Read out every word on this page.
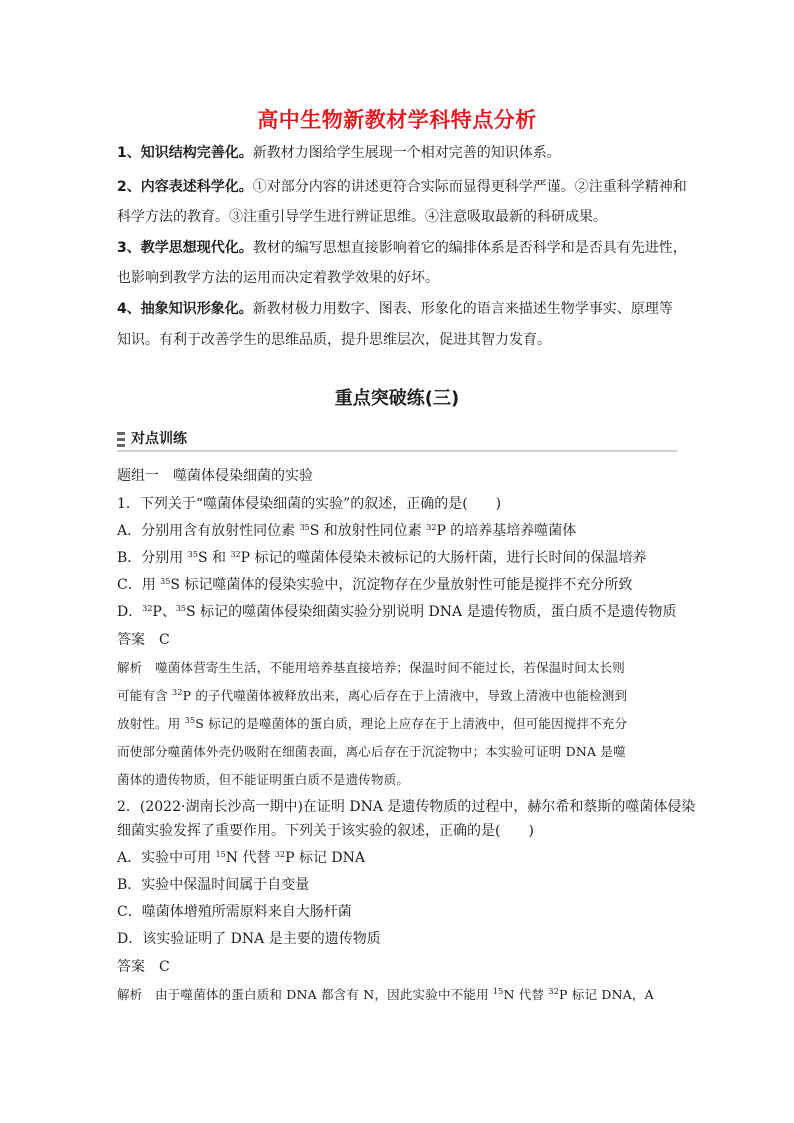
高中生物新教材学科特点分析
1、知识结构完善化。新教材力图给学生展现一个相对完善的知识体系。
2、内容表述科学化。①对部分内容的讲述更符合实际而显得更科学严谨。②注重科学精神和
科学方法的教育。③注重引导学生进行辨证思维。④注意吸取最新的科研成果。
3、教学思想现代化。教材的编写思想直接影响着它的编排体系是否科学和是否具有先进性，
也影响到教学方法的运用而决定着教学效果的好坏。
4、抽象知识形象化。新教材极力用数字、图表、形象化的语言来描述生物学事实、原理等
知识。有利于改善学生的思维品质，提升思维层次，促进其智力发育。
重点突破练(三)
对点训练
题组一　噬菌体侵染细菌的实验
1．下列关于“噬菌体侵染细菌的实验”的叙述，正确的是(　　)
A．分别用含有放射性同位素 $^{35}$S 和放射性同位素 $^{32}$P 的培养基培养噬菌体
B．分别用 $^{35}$S 和 $^{32}$P 标记的噬菌体侵染未被标记的大肠杆菌，进行长时间的保温培养
C．用 $^{35}$S 标记噬菌体的侵染实验中，沉淀物存在少量放射性可能是搅拌不充分所致
D．$^{32}$P、$^{35}$S 标记的噬菌体侵染细菌实验分别说明 DNA 是遗传物质，蛋白质不是遗传物质
答案　C
解析　噬菌体营寄生生活，不能用培养基直接培养；保温时间不能过长，若保温时间太长则
可能有含 $^{32}$P 的子代噬菌体被释放出来，离心后存在于上清液中，导致上清液中也能检测到
放射性。用 $^{35}$S 标记的是噬菌体的蛋白质，理论上应存在于上清液中，但可能因搅拌不充分
而使部分噬菌体外壳仍吸附在细菌表面，离心后存在于沉淀物中；本实验可证明 DNA 是噬
菌体的遗传物质，但不能证明蛋白质不是遗传物质。
2．(2022·湖南长沙高一期中)在证明 DNA 是遗传物质的过程中，赫尔希和蔡斯的噬菌体侵染
细菌实验发挥了重要作用。下列关于该实验的叙述，正确的是(　　)
A．实验中可用 $^{15}$N 代替 $^{32}$P 标记 DNA
B．实验中保温时间属于自变量
C．噬菌体增殖所需原料来自大肠杆菌
D．该实验证明了 DNA 是主要的遗传物质
答案　C
解析　由于噬菌体的蛋白质和 DNA 都含有 N，因此实验中不能用 $^{15}$N 代替 $^{32}$P 标记 DNA，A
